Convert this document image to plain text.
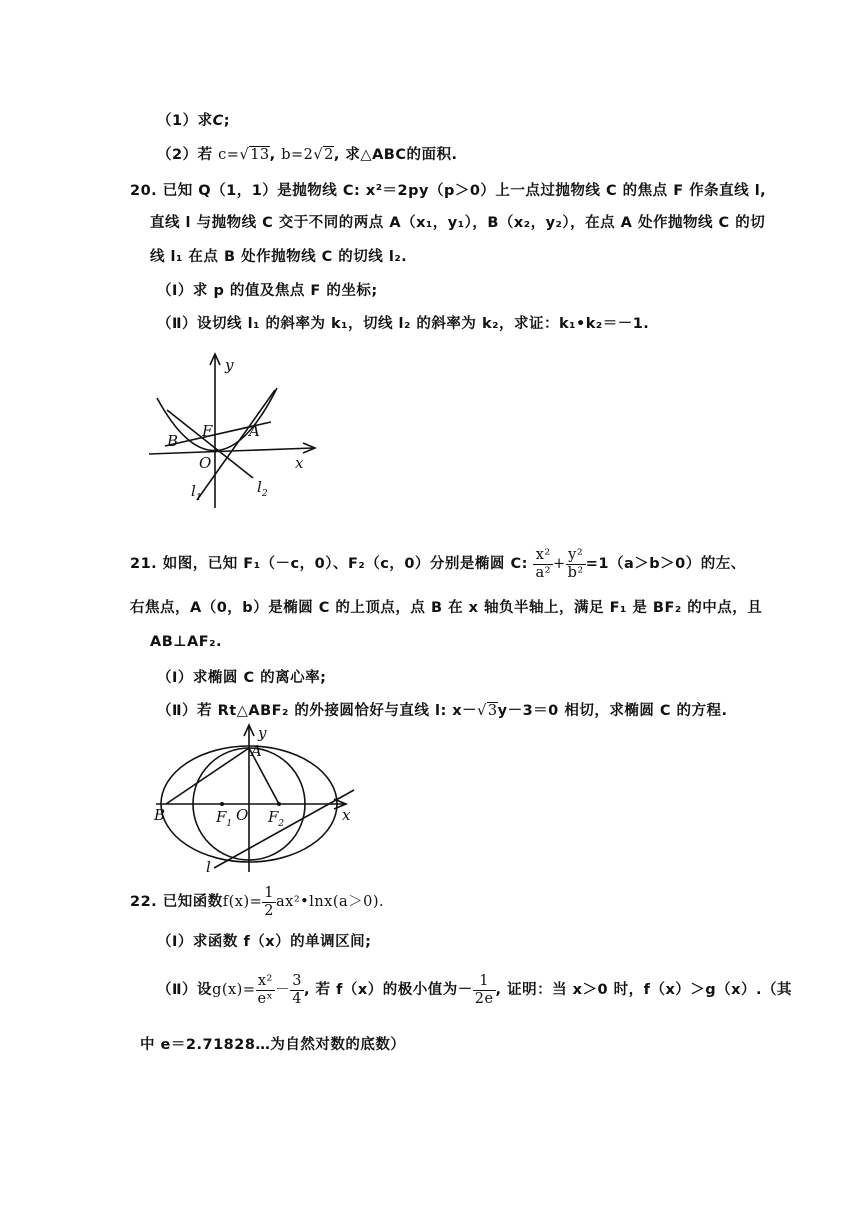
（1）求C;
（2）若 c=√13, b=2√2, 求△ABC的面积.
20. 已知 Q（1，1）是抛物线 C: x²＝2py（p＞0）上一点过抛物线 C 的焦点 F 作条直线 l,
直线 l 与抛物线 C 交于不同的两点 A（x₁，y₁），B（x₂，y₂），在点 A 处作抛物线 C 的切
线 l₁ 在点 B 处作抛物线 C 的切线 l₂.
（Ⅰ）求 p 的值及焦点 F 的坐标;
（Ⅱ）设切线 l₁ 的斜率为 k₁，切线 l₂ 的斜率为 k₂，求证：k₁•k₂＝－1.
y
x
B
F A
O
$l_1$
$l_2$
21. 如图，已知 F₁（－c，0）、F₂（c，0）分别是椭圆 C: $\frac{\text{x²}}{\text{a²}} + \frac{\text{y²}}{\text{b²}} =1(a>b>0)$的左、
右焦点，A（0，b）是椭圆 C 的上顶点，点 B 在 x 轴负半轴上，满足 F₁ 是 BF₂ 的中点，且
AB⊥AF₂.
（Ⅰ）求椭圆 C 的离心率;
（Ⅱ）若 Rt△ABF₂ 的外接圆恰好与直线 l: x－√3y－3＝0 相切，求椭圆 C 的方程.
y
x
A
B	$F_1$ O $F_2$
l
22. 已知函数$f(x)= \frac{1}{2}$ ax²•lnx(a＞0).
（Ⅰ）求函数 f（x）的单调区间;
（Ⅱ）设$g(x)= \frac{\text{x²}}{\text{eˣ}} - \frac{3}{4}$ , 若 f（x）的极小值为－ $\frac{1}{2e}$ , 证明：当 x＞0 时，f（x）＞g（x）.（其
中 e＝2.71828…为自然对数的底数）
